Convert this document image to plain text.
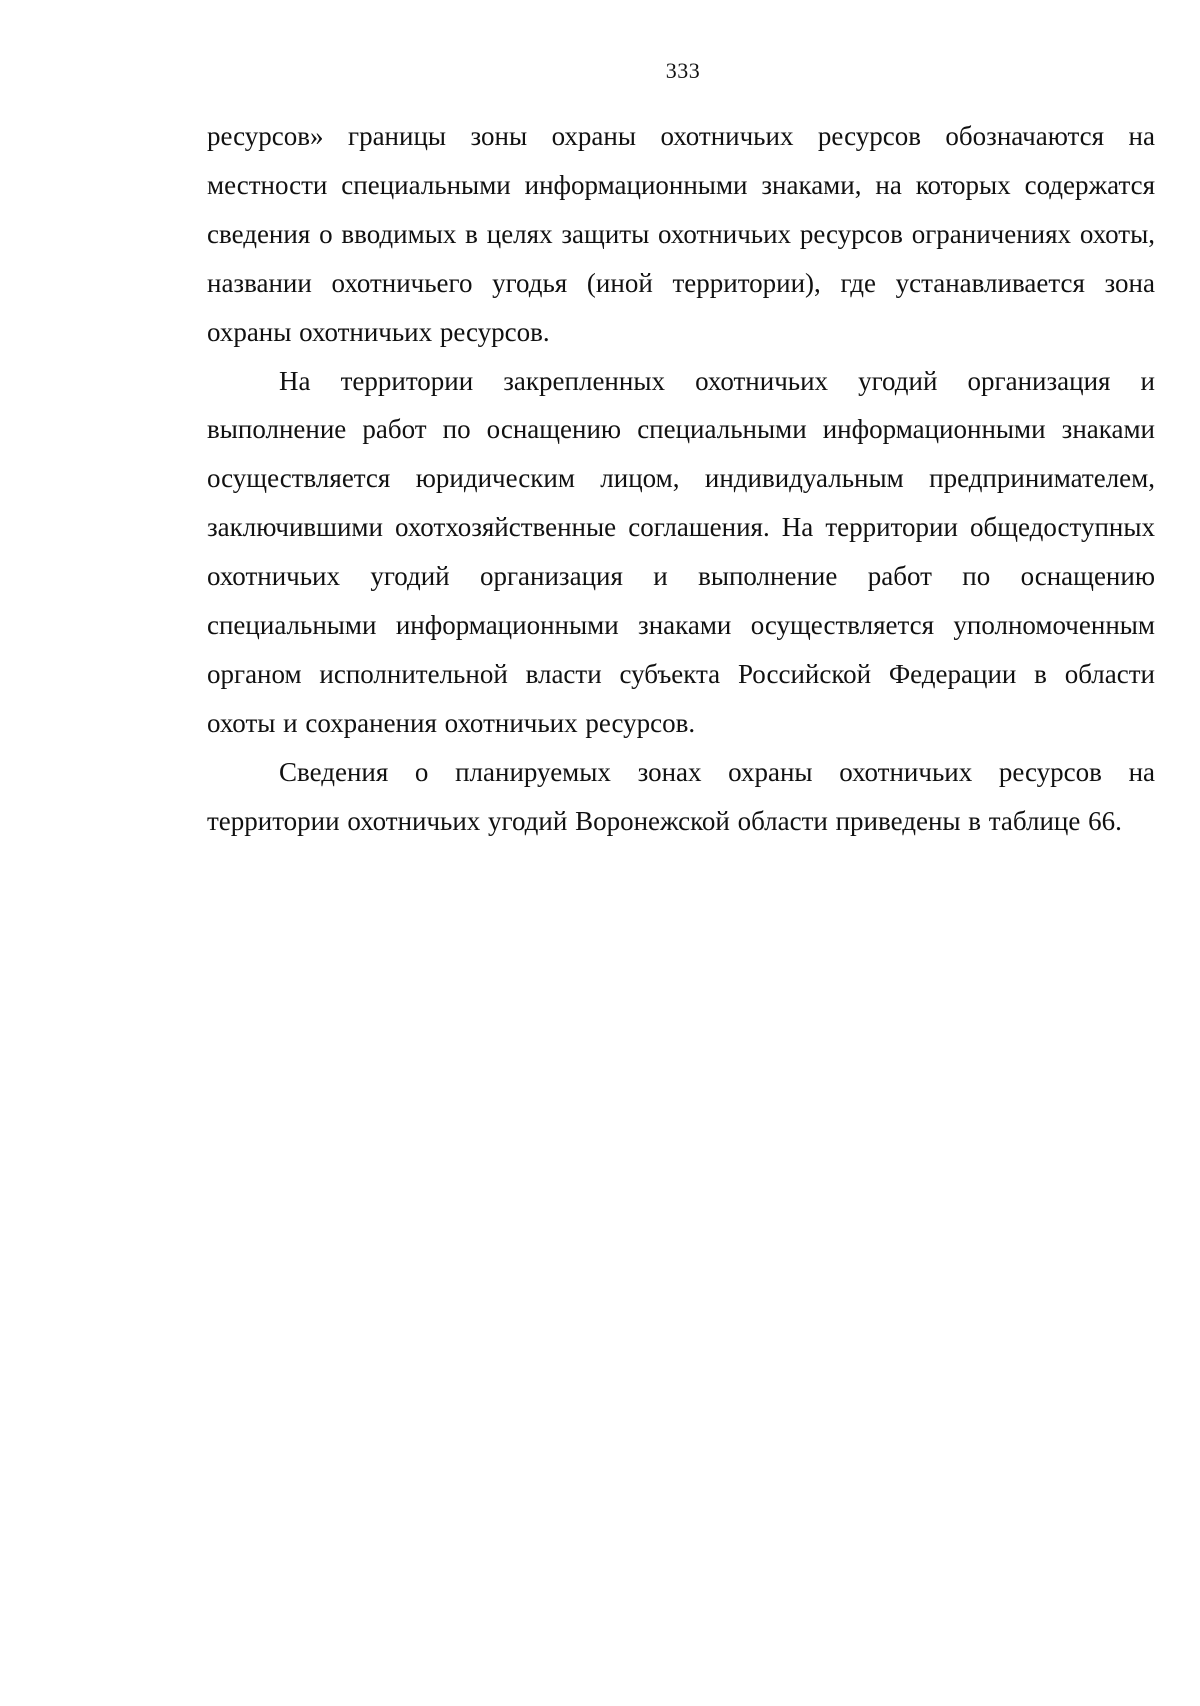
333

ресурсов» границы зоны охраны охотничьих ресурсов обозначаются на местности специальными информационными знаками, на которых содержатся сведения о вводимых в целях защиты охотничьих ресурсов ограничениях охоты, названии охотничьего угодья (иной территории), где устанавливается зона охраны охотничьих ресурсов.

На территории закрепленных охотничьих угодий организация и выполнение работ по оснащению специальными информационными знаками осуществляется юридическим лицом, индивидуальным предпринимателем, заключившими охотхозяйственные соглашения. На территории общедоступных охотничьих угодий организация и выполнение работ по оснащению специальными информационными знаками осуществляется уполномоченным органом исполнительной власти субъекта Российской Федерации в области охоты и сохранения охотничьих ресурсов.

Сведения о планируемых зонах охраны охотничьих ресурсов на территории охотничьих угодий Воронежской области приведены в таблице 66.
